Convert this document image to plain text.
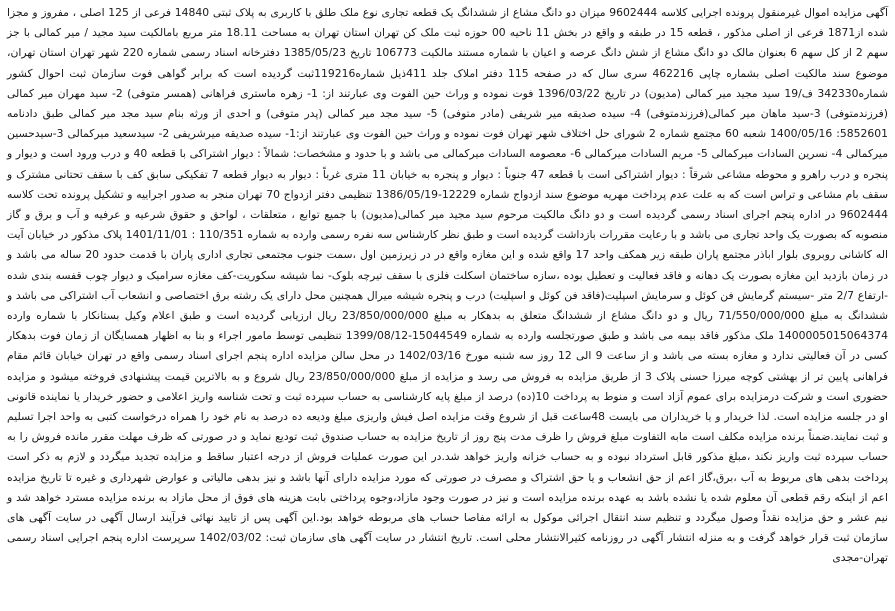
آگهی مزایده اموال غیرمنقول پرونده اجرایی کلاسه 9602444 میزان دو دانگ مشاع از ششدانگ یک قطعه تجاری نوع ملک طلق با کاربری به پلاک ثبتی 14840 فرعی از 125 اصلی ، مفروز و مجزا شده از1871 فرعی از اصلی مذکور ، قطعه 15 در طبقه و واقع در بخش 11 ناحیه 00 حوزه ثبت ملک کن تهران استان تهران به مساحت 18.11 متر مربع بامالکیت سید مجید / میر کمالی با جز سهم 2 از کل سهم 6 بعنوان مالک دو دانگ مشاع از شش دانگ عرصه و اعیان با شماره مستند مالکیت 106773 تاریخ 1385/05/23 دفترخانه اسناد رسمی شماره 220 شهر تهران استان تهران، موضوع سند مالکیت اصلی بشماره چاپی 462216 سری سال که در صفحه 115 دفتر املاک جلد 411ذیل شماره119216ثبت گردیده است که برابر گواهی فوت سازمان ثبت احوال کشور شماره342330 ف/19 سید مجید میر کمالی (مدیون) در تاریخ 1396/03/22 فوت نموده و وراث حین الفوت وی عبارتند از: 1- زهره ماستری فراهانی (همسر متوفی) 2- سید مهران میر کمالی (فرزندمتوفی) 3-سید ماهان میر کمالی(فرزندمتوفی) 4- سیده صدیقه میر شریفی (مادر متوفی) 5- سید مجد میر کمالی (پدر متوفی) و احدی از ورثه بنام سید مجد میر کمالی طبق دادنامه 5852601: 1400/05/16 شعبه 60 مجتمع شماره 2 شورای حل اختلاف شهر تهران فوت نموده و وراث حین الفوت وی عبارتند از:1- سیده صدیقه میرشریفی 2- سیدسعید میرکمالی 3-سیدحسین میرکمالی 4- نسرین السادات میرکمالی 5- مریم السادات میرکمالی 6- معصومه السادات میرکمالی می باشد و با حدود و مشخصات: شمالاً : دیوار اشتراکی با قطعه 40 و درب ورود است و دیوار و پنجره و درب راهرو و محوطه مشاعی شرقاً : دیوار اشتراکی است با قطعه 47 جنوباً : دیوار و پنجره به خیابان 11 متری غرباً : دیوار به دیوار قطعه 7 تفکیکی سابق کف با سقف تحتانی مشترک و سقف بام مشاعی و تراس است که به علت عدم پرداخت مهریه موضوع سند ازدواج شماره 12229-1386/05/19 تنظیمی دفتر ازدواج 70 تهران منجر به صدور اجراییه و تشکیل پرونده تحت کلاسه 9602444 در اداره پنجم اجرای اسناد رسمی گردیده است و دو دانگ مالکیت مرحوم سید مجید میر کمالی(مدیون) با جمیع توابع ، متعلقات ، لواحق و حقوق شرعیه و عرفیه و آب و برق و گاز منصوبه که بصورت یک واحد تجاری می باشد و با رعایت مقررات بازداشت گردیده است و طبق نظر کارشناس سه نفره رسمی وارده به شماره 110/351 : 1401/11/01 پلاک مذکور در خیابان آیت اله کاشانی روبروی بلوار اباذر مجتمع پاران طبقه زیر همکف واحد 17 واقع شده و این مغازه واقع در در زیرزمین اول ،سمت جنوب مجتمعی تجاری اداری پاران با قدمت حدود 20 ساله می باشد و در زمان بازدید این مغازه بصورت یک دهانه و فاقد فعالیت و تعطیل بوده ،سازه ساختمان اسکلت فلزی با سقف تیرچه بلوک- نما شیشه سکوریت-کف مغازه سرامیک و دیوار چوب قفسه بندی شده -ارتفاع 2/7 متر -سیستم گرمایش فن کوئل و سرمایش اسپلیت(فاقد فن کوئل و اسپلیت) درب و پنجره شیشه میرال همچنین محل دارای یک رشته برق اختصاصی و انشعاب آب اشتراکی می باشد و ششدانگ به مبلغ 71/550/000/000 ریال و دو دانگ مشاع از ششدانگ متعلق به بدهکار به مبلغ 23/850/000/000 ریال ارزیابی گردیده است و طبق اعلام وکیل بستانکار با شماره وارده 1400005015064374 ملک مذکور فاقد بیمه می باشد و طبق صورتجلسه وارده به شماره 15044549-1399/08/12 تنظیمی توسط مامور اجراء و بنا به اظهار همسایگان از زمان فوت بدهکار کسی در آن فعالیتی ندارد و مغازه بسته می باشد و از ساعت 9 الی 12 روز سه شنبه مورخ 1402/03/16 در محل سالن مزایده اداره پنجم اجرای اسناد رسمی واقع در تهران خیابان قائم مقام فراهانی پایین تر از بهشتی کوچه میرزا حسنی پلاک 3 از طریق مزایده به فروش می رسد و مزایده از مبلغ 23/850/000/000 ریال شروع و به بالاترین قیمت پیشنهادی فروخته میشود و مزایده حضوری است و شرکت درمزایده برای عموم آزاد است و منوط به پرداخت 10(ده) درصد از مبلغ پایه کارشناسی به حساب سپرده ثبت و تحت شناسه واریز اعلامی و حضور خریدار یا نماینده قانونی او در جلسه مزایده است. لذا خریدار و یا خریداران می بایست 48ساعت قبل از شروع وقت مزایده اصل فیش واریزی مبلغ ودیعه ده درصد به نام خود را همراه درخواست کتبی به واحد اجرا تسلیم و ثبت نمایند.ضمناً برنده مزایده مکلف است مابه التفاوت مبلغ فروش را ظرف مدت پنج روز از تاریخ مزایده به حساب صندوق ثبت تودیع نماید و در صورتی که ظرف مهلت مقرر مانده فروش را به حساب سپرده ثبت واریز نکند ،مبلغ مذکور قابل استرداد نبوده و به حساب خزانه واریز خواهد شد.در این صورت عملیات فروش از درجه اعتبار ساقط و مزایده تجدید میگردد و لازم به ذکر است پرداخت بدهی های مربوط به آب ،برق،گاز اعم از حق انشعاب و یا حق اشتراک و مصرف در صورتی که مورد مزایده دارای آنها باشد و نیز بدهی مالیاتی و عوارض شهرداری و غیره تا تاریخ مزایده اعم از اینکه رقم قطعی آن معلوم شده یا نشده باشد به عهده برنده مزایده است و نیز در صورت وجود مازاد،وجوه پرداختی بابت هزینه های فوق از محل مازاد به برنده مزایده مسترد خواهد شد و نیم عشر و حق مزایده نقداً وصول میگردد و تنظیم سند انتقال اجرائی موکول به ارائه مفاصا حساب های مربوطه خواهد بود.این آگهی پس از تایید نهائی فرآیند ارسال آگهی در سایت آگهی های سازمان ثبت قرار خواهد گرفت و به منزله انتشار آگهی در روزنامه کثیرالانتشار محلی است. تاریخ انتشار در سایت آگهی های سازمان ثبت: 1402/03/02 سرپرست اداره پنجم اجرایی اسناد رسمی تهران-مجدی
